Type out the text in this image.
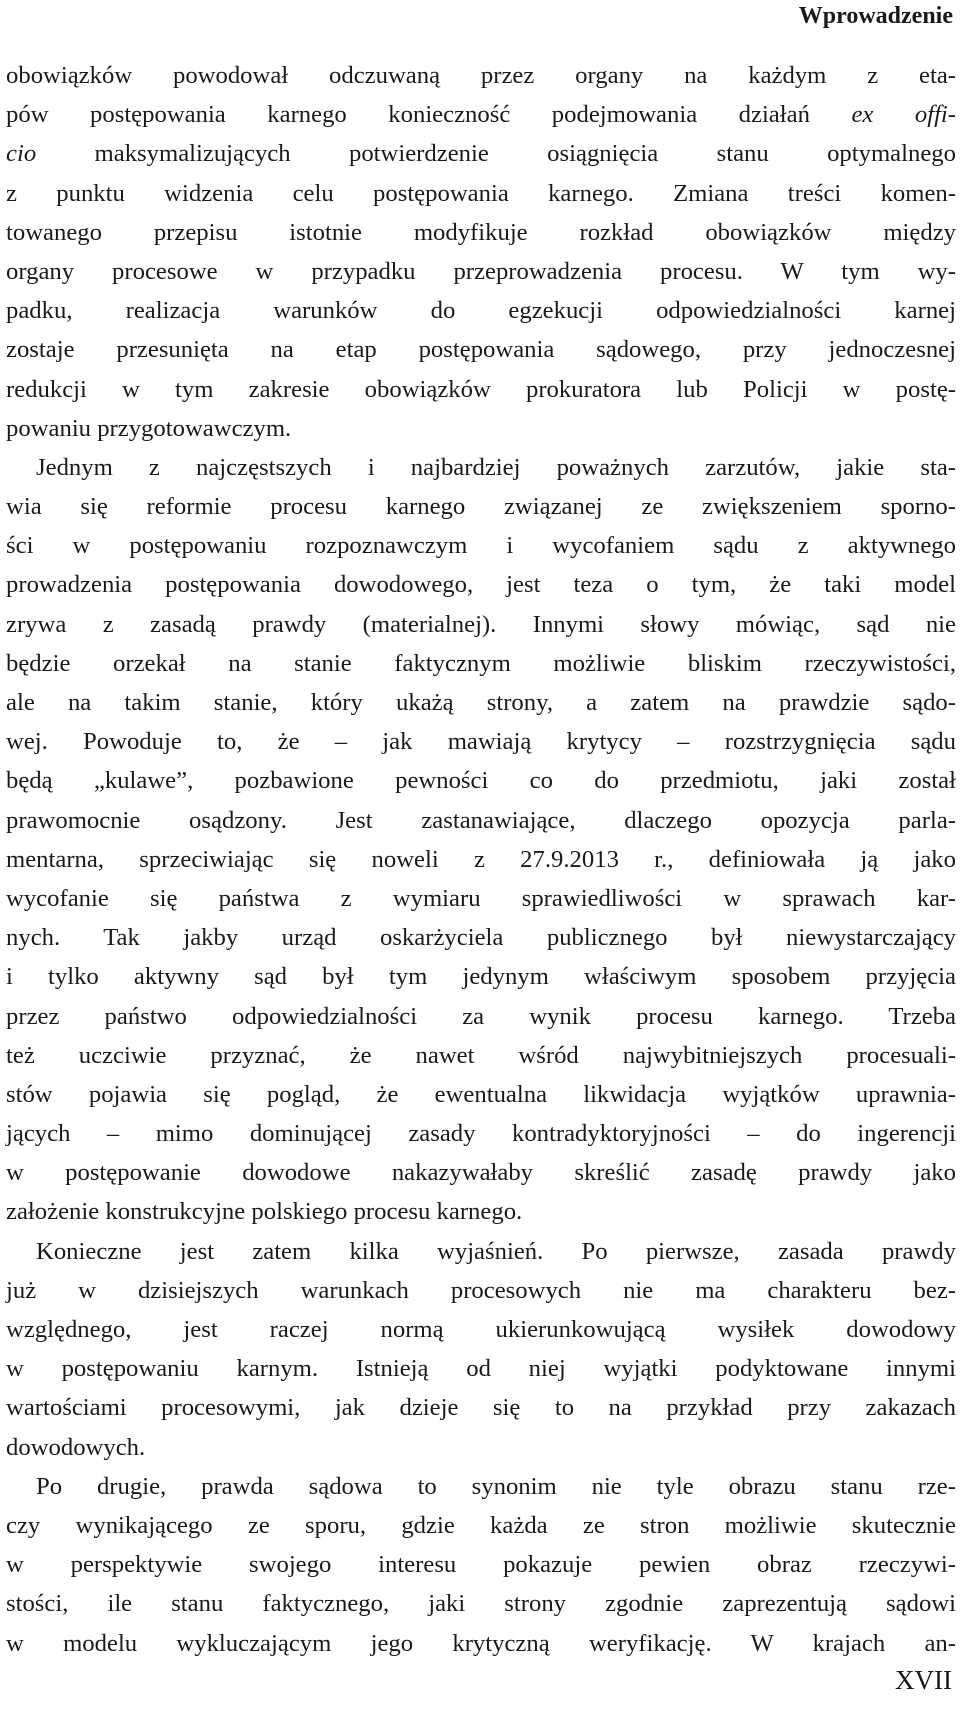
Wprowadzenie
obowiązków powodował odczuwaną przez organy na każdym z eta-
pów postępowania karnego konieczność podejmowania działań ex offi-
cio maksymalizujących potwierdzenie osiągnięcia stanu optymalnego
z punktu widzenia celu postępowania karnego. Zmiana treści komen-
towanego przepisu istotnie modyfikuje rozkład obowiązków między
organy procesowe w przypadku przeprowadzenia procesu. W tym wy-
padku, realizacja warunków do egzekucji odpowiedzialności karnej
zostaje przesunięta na etap postępowania sądowego, przy jednoczesnej
redukcji w tym zakresie obowiązków prokuratora lub Policji w postę-
powaniu przygotowawczym.
Jednym z najczęstszych i najbardziej poważnych zarzutów, jakie sta-
wia się reformie procesu karnego związanej ze zwiększeniem sporno-
ści w postępowaniu rozpoznawczym i wycofaniem sądu z aktywnego
prowadzenia postępowania dowodowego, jest teza o tym, że taki model
zrywa z zasadą prawdy (materialnej). Innymi słowy mówiąc, sąd nie
będzie orzekał na stanie faktycznym możliwie bliskim rzeczywistości,
ale na takim stanie, który ukażą strony, a zatem na prawdzie sądo-
wej. Powoduje to, że – jak mawiają krytycy – rozstrzygnięcia sądu
będą „kulawe”, pozbawione pewności co do przedmiotu, jaki został
prawomocnie osądzony. Jest zastanawiające, dlaczego opozycja parla-
mentarna, sprzeciwiając się noweli z 27.9.2013 r., definiowała ją jako
wycofanie się państwa z wymiaru sprawiedliwości w sprawach kar-
nych. Tak jakby urząd oskarżyciela publicznego był niewystarczający
i tylko aktywny sąd był tym jedynym właściwym sposobem przyjęcia
przez państwo odpowiedzialności za wynik procesu karnego. Trzeba
też uczciwie przyznać, że nawet wśród najwybitniejszych procesuali-
stów pojawia się pogląd, że ewentualna likwidacja wyjątków uprawnia-
jących – mimo dominującej zasady kontradyktoryjności – do ingerencji
w postępowanie dowodowe nakazywałaby skreślić zasadę prawdy jako
założenie konstrukcyjne polskiego procesu karnego.
Konieczne jest zatem kilka wyjaśnień. Po pierwsze, zasada prawdy
już w dzisiejszych warunkach procesowych nie ma charakteru bez-
względnego, jest raczej normą ukierunkowującą wysiłek dowodowy
w postępowaniu karnym. Istnieją od niej wyjątki podyktowane innymi
wartościami procesowymi, jak dzieje się to na przykład przy zakazach
dowodowych.
Po drugie, prawda sądowa to synonim nie tyle obrazu stanu rze-
czy wynikającego ze sporu, gdzie każda ze stron możliwie skutecznie
w perspektywie swojego interesu pokazuje pewien obraz rzeczywi-
stości, ile stanu faktycznego, jaki strony zgodnie zaprezentują sądowi
w modelu wykluczającym jego krytyczną weryfikację. W krajach an-
XVII
